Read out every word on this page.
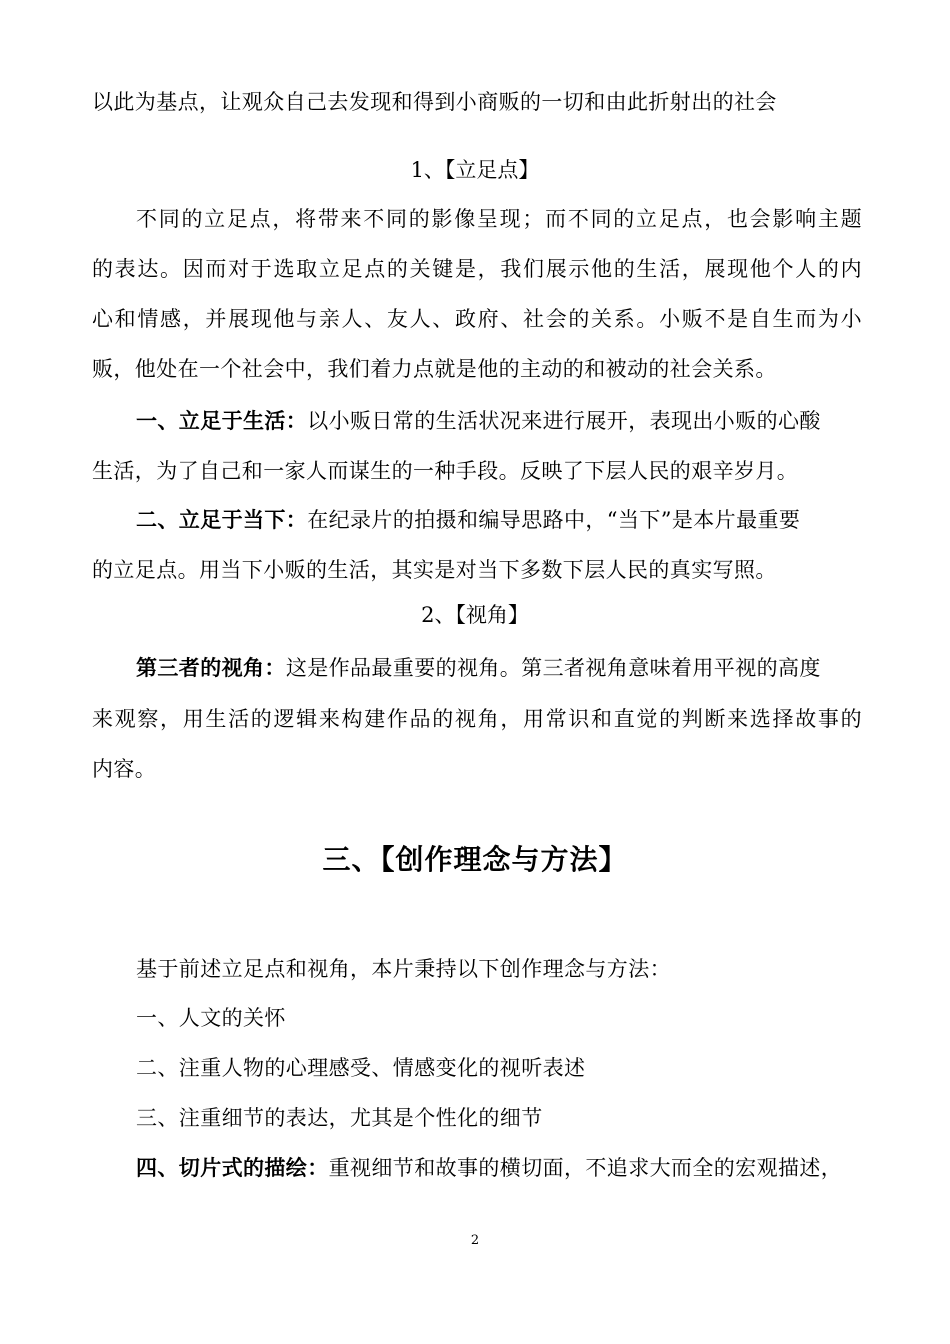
以此为基点，让观众自己去发现和得到小商贩的一切和由此折射出的社会
1、【立足点】
不同的立足点，将带来不同的影像呈现；而不同的立足点，也会影响主题
的表达。因而对于选取立足点的关键是，我们展示他的生活，展现他个人的内
心和情感，并展现他与亲人、友人、政府、社会的关系。小贩不是自生而为小
贩，他处在一个社会中，我们着力点就是他的主动的和被动的社会关系。
一、立足于生活：以小贩日常的生活状况来进行展开，表现出小贩的心酸
生活，为了自己和一家人而谋生的一种手段。反映了下层人民的艰辛岁月。
二、立足于当下：在纪录片的拍摄和编导思路中，“当下”是本片最重要
的立足点。用当下小贩的生活，其实是对当下多数下层人民的真实写照。
2、【视角】
第三者的视角：这是作品最重要的视角。第三者视角意味着用平视的高度
来观察，用生活的逻辑来构建作品的视角，用常识和直觉的判断来选择故事的
内容。
三、【创作理念与方法】
基于前述立足点和视角，本片秉持以下创作理念与方法：
一、人文的关怀
二、注重人物的心理感受、情感变化的视听表述
三、注重细节的表达，尤其是个性化的细节
四、切片式的描绘：重视细节和故事的横切面，不追求大而全的宏观描述，
2
